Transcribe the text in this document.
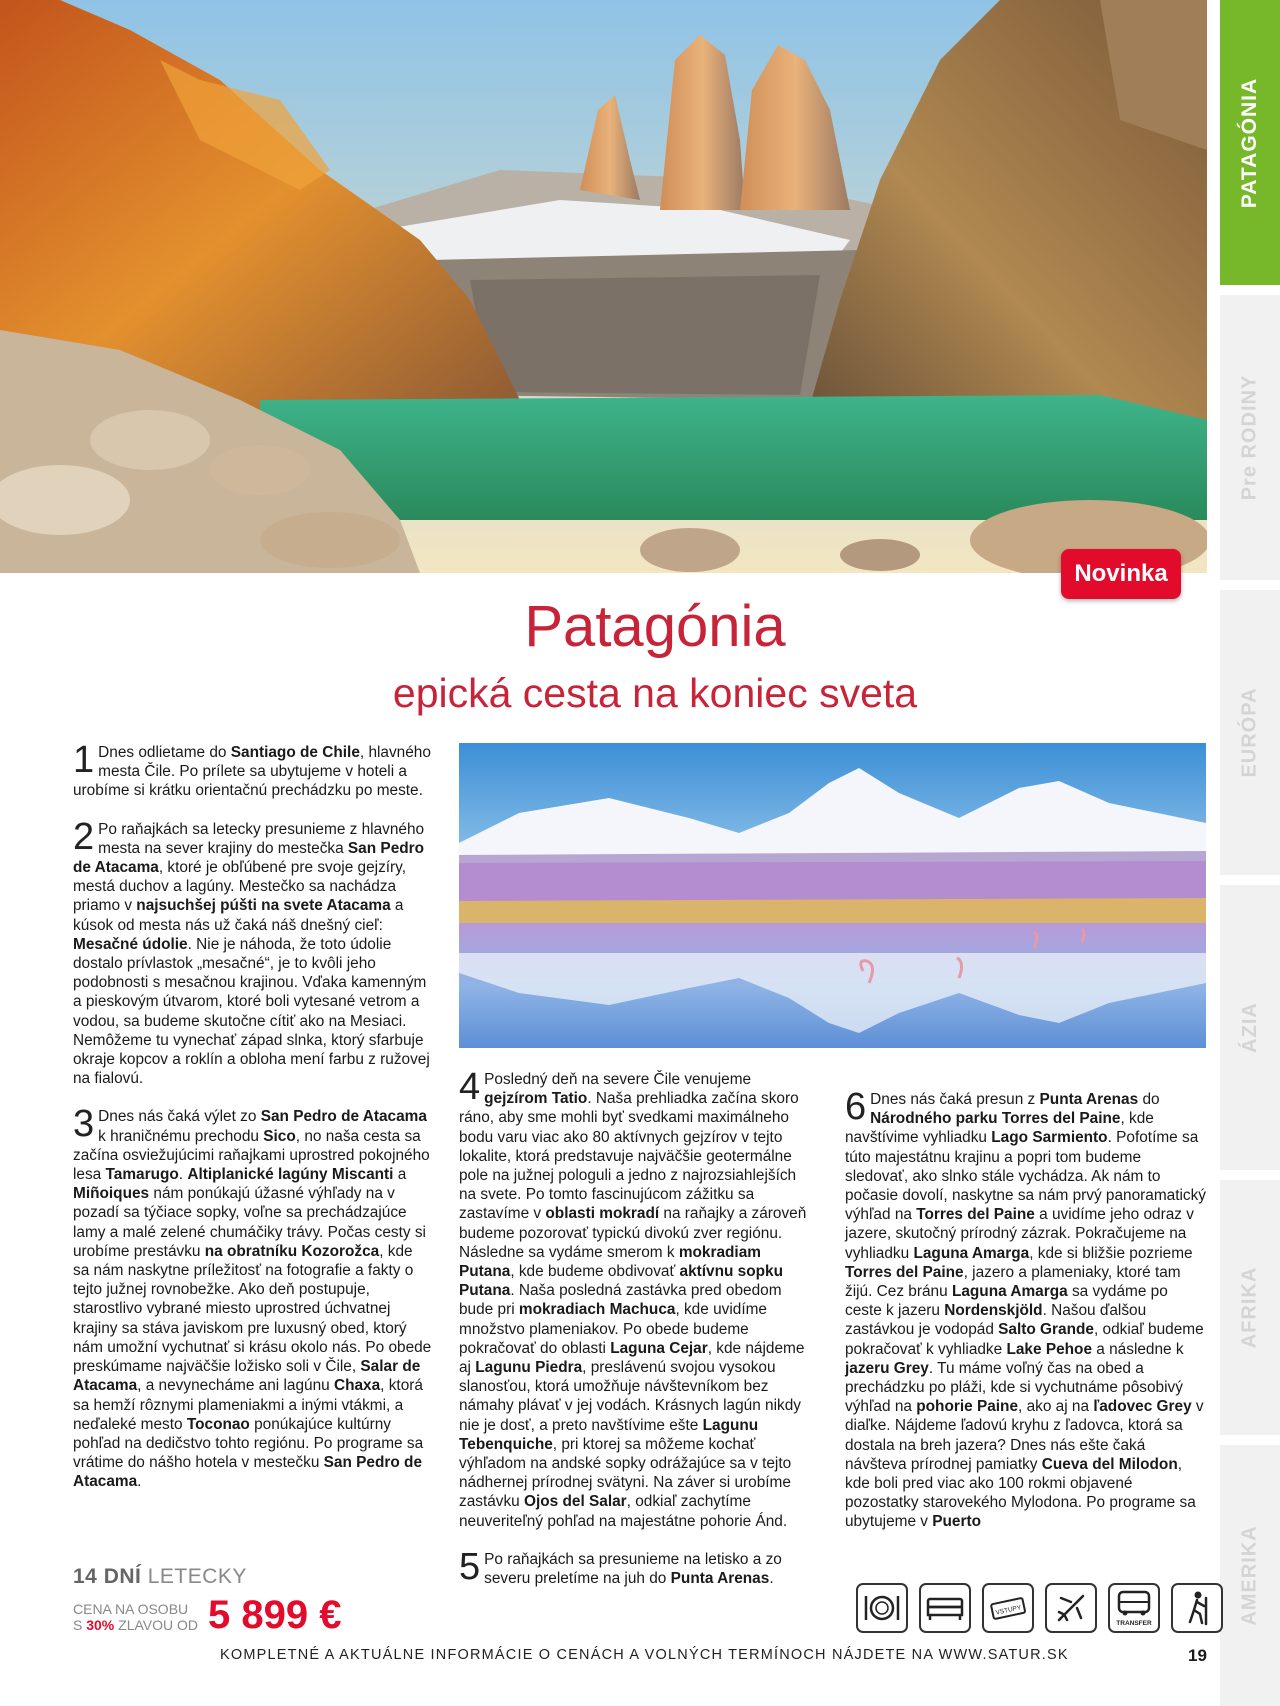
PATAGÓNIA
Pre RODINY
EURÓPA
ÁZIA
AFRIKA
AMERIKA
Novinka
Patagónia
epická cesta na koniec sveta
1 Dnes odlietame do Santiago de Chile, hlavného mesta Čile. Po prílete sa ubytujeme v hoteli a urobíme si krátku orientačnú prechádzku po meste.

2 Po raňajkách sa letecky presunieme z hlavného mesta na sever krajiny do mestečka San Pedro de Atacama, ktoré je obľúbené pre svoje gejzíry, mestá duchov a lagúny. Mestečko sa nachádza priamo v najsuchšej púšti na svete Atacama a kúsok od mesta nás už čaká náš dnešný cieľ: Mesačné údolie. Nie je náhoda, že toto údolie dostalo prívlastok „mesačné“, je to kvôli jeho podobnosti s mesačnou krajinou. Vďaka kamenným a pieskovým útvarom, ktoré boli vytesané vetrom a vodou, sa budeme skutočne cítiť ako na Mesiaci. Nemôžeme tu vynechať západ slnka, ktorý sfarbuje okraje kopcov a roklín a obloha mení farbu z ružovej na fialovú.

3 Dnes nás čaká výlet zo San Pedro de Atacama k hraničnému prechodu Sico, no naša cesta sa začína osviežujúcimi raňajkami uprostred pokojného lesa Tamarugo. Altiplanické lagúny Miscanti a Miñoiques nám ponúkajú úžasné výhľady na v pozadí sa týčiace sopky, voľne sa prechádzajúce lamy a malé zelené chumáčiky trávy. Počas cesty si urobíme prestávku na obratníku Kozorožca, kde sa nám naskytne príležitosť na fotografie a fakty o tejto južnej rovnobežke. Ako deň postupuje, starostlivo vybrané miesto uprostred úchvatnej krajiny sa stáva javiskom pre luxusný obed, ktorý nám umožní vychutnať si krásu okolo nás. Po obede preskúmame najväčšie ložisko soli v Čile, Salar de Atacama, a nevynecháme ani lagúnu Chaxa, ktorá sa hemží rôznymi plameniakmi a inými vtákmi, a neďaleké mesto Toconao ponúkajúce kultúrny pohľad na dedičstvo tohto regiónu. Po programe sa vrátime do nášho hotela v mestečku San Pedro de Atacama.

4 Posledný deň na severe Čile venujeme gejzírom Tatio. Naša prehliadka začína skoro ráno, aby sme mohli byť svedkami maximálneho bodu varu viac ako 80 aktívnych gejzírov v tejto lokalite, ktorá predstavuje najväčšie geotermálne pole na južnej pologuli a jedno z najrozsiahlejších na svete. Po tomto fascinujúcom zážitku sa zastavíme v oblasti mokradí na raňajky a zároveň budeme pozorovať typickú divokú zver regiónu. Následne sa vydáme smerom k mokradiam Putana, kde budeme obdivovať aktívnu sopku Putana. Naša posledná zastávka pred obedom bude pri mokradiach Machuca, kde uvidíme množstvo plameniakov. Po obede budeme pokračovať do oblasti Laguna Cejar, kde nájdeme aj Lagunu Piedra, preslávenú svojou vysokou slanosťou, ktorá umožňuje návštevníkom bez námahy plávať v jej vodách. Krásnych lagún nikdy nie je dosť, a preto navštívime ešte Lagunu Tebenquiche, pri ktorej sa môžeme kochať výhľadom na andské sopky odrážajúce sa v tejto nádhernej prírodnej svätyni. Na záver si urobíme zastávku Ojos del Salar, odkiaľ zachytíme neuveriteľný pohľad na majestátne pohorie Ánd.

5 Po raňajkách sa presunieme na letisko a zo severu preletíme na juh do Punta Arenas.

6 Dnes nás čaká presun z Punta Arenas do Národného parku Torres del Paine, kde navštívime vyhliadku Lago Sarmiento. Pofotíme sa túto majestátnu krajinu a popri tom budeme sledovať, ako slnko stále vychádza. Ak nám to počasie dovolí, naskytne sa nám prvý panoramatický výhľad na Torres del Paine a uvidíme jeho odraz v jazere, skutočný prírodný zázrak. Pokračujeme na vyhliadku Laguna Amarga, kde si bližšie pozrieme Torres del Paine, jazero a plameniaky, ktoré tam žijú. Cez bránu Laguna Amarga sa vydáme po ceste k jazeru Nordenskjöld. Našou ďalšou zastávkou je vodopád Salto Grande, odkiaľ budeme pokračovať k vyhliadke Lake Pehoe a následne k jazeru Grey. Tu máme voľný čas na obed a prechádzku po pláži, kde si vychutnáme pôsobivý výhľad na pohorie Paine, ako aj na ľadovec Grey v diaľke. Nájdeme ľadovú kryhu z ľadovca, ktorá sa dostala na breh jazera? Dnes nás ešte čaká návšteva prírodnej pamiatky Cueva del Milodon, kde boli pred viac ako 100 rokmi objavené pozostatky starovekého Mylodona. Po programe sa ubytujeme v Puerto

14 DNÍ LETECKY
CENA NA OSOBU
S 30% ZLAVOU OD 5 899 €	VSTUPY
TRANSFER
KOMPLETNÉ A AKTUÁLNE INFORMÁCIE O CENÁCH A VOLNÝCH TERMÍNOCH NÁJDETE NA WWW.SATUR.SK	19
